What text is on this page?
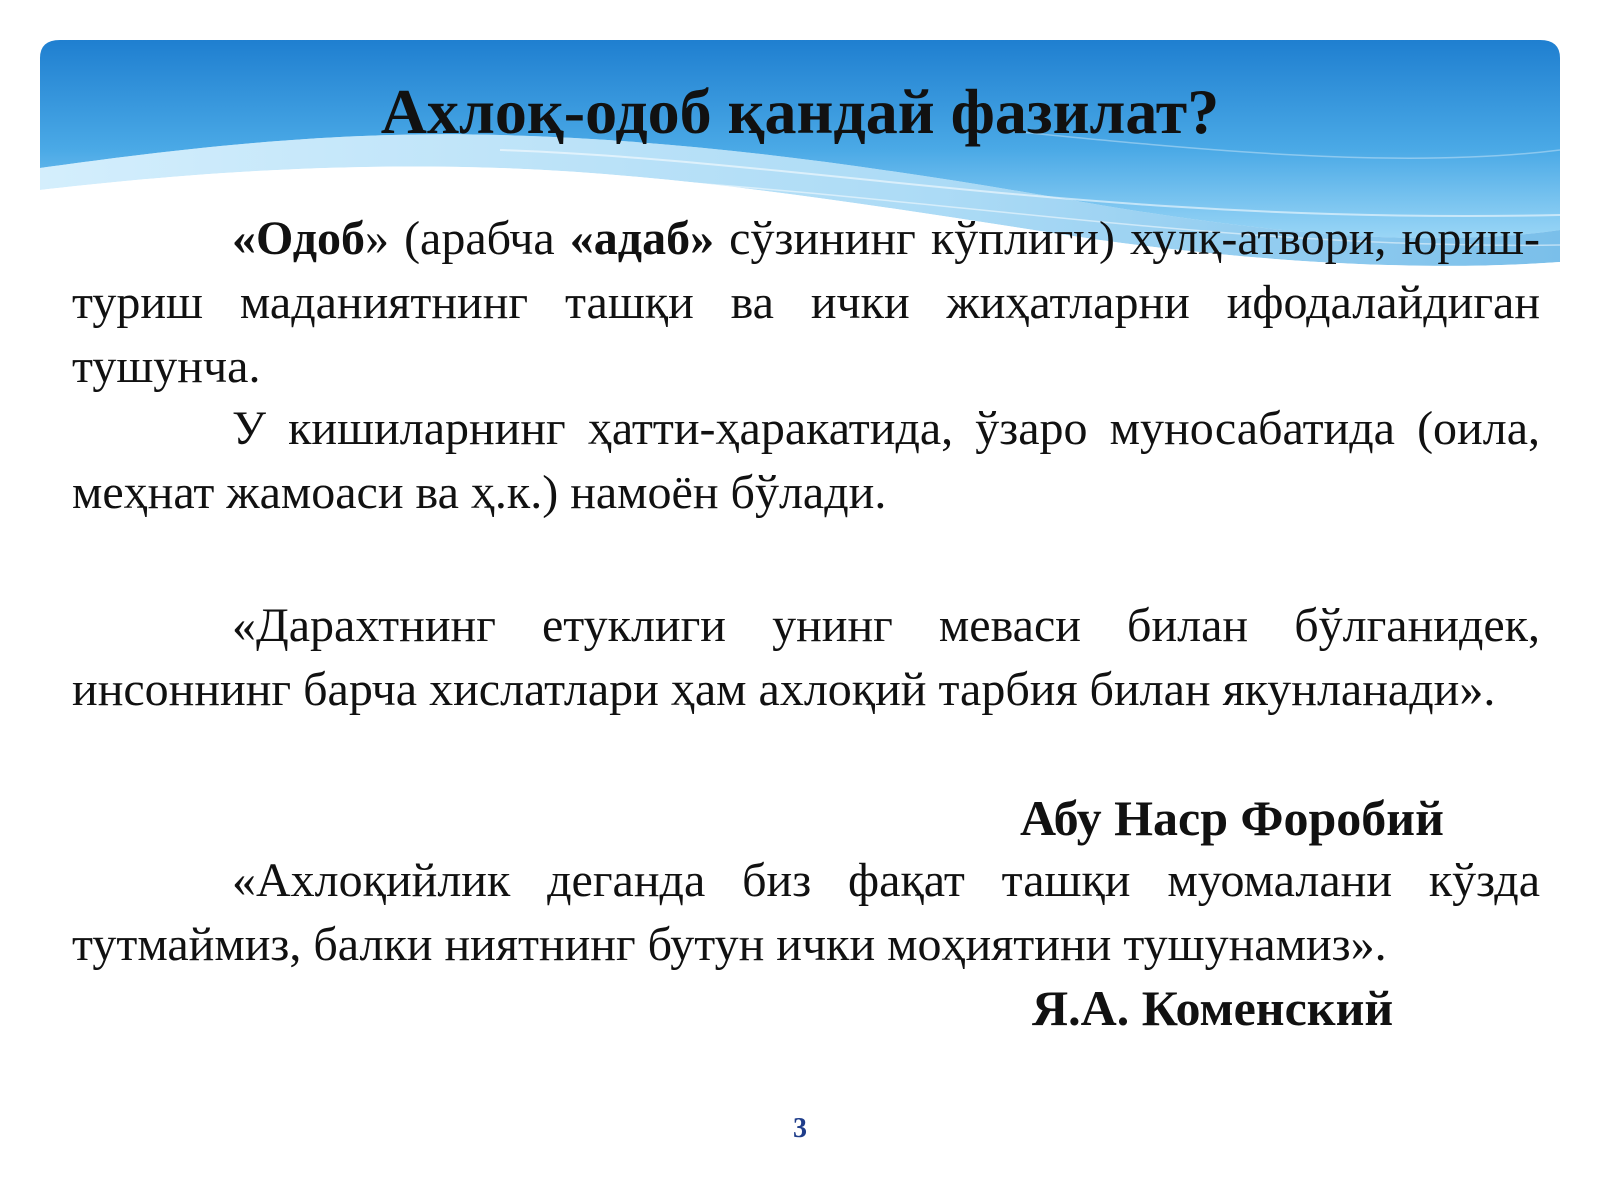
Ахлоқ-одоб қандай фазилат?

«Одоб» (арабча «адаб» сўзининг кўплиги) хулқ-атвори, юриш-туриш маданиятнинг ташқи ва ички жиҳатларни ифодалайдиган тушунча.

У кишиларнинг ҳатти-ҳаракатида, ўзаро муносабатида (оила, меҳнат жамоаси ва ҳ.к.) намоён бўлади.

«Дарахтнинг етуклиги унинг меваси билан бўлганидек, инсоннинг барча хислатлари ҳам ахлоқий тарбия билан якунланади».

Абу Наср Форобий

«Ахлоқийлик деганда биз фақат ташқи муомалани кўзда тутмаймиз, балки ниятнинг бутун ички моҳиятини тушунамиз».

Я.А. Коменский
3
